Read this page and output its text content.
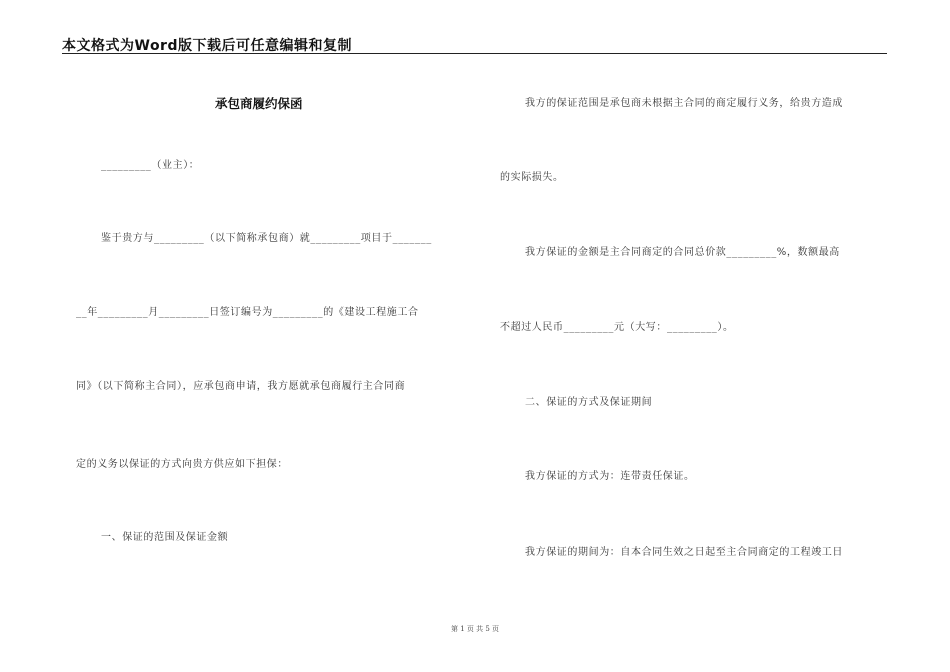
本文格式为Word版下载后可任意编辑和复制
承包商履约保函
_________（业主）：
鉴于贵方与_________（以下简称承包商）就_________项目于_______
__年_________月_________日签订编号为_________的《建设工程施工合
同》（以下简称主合同），应承包商申请，我方愿就承包商履行主合同商
定的义务以保证的方式向贵方供应如下担保：
一、保证的范围及保证金额
我方的保证范围是承包商未根据主合同的商定履行义务，给贵方造成
的实际损失。
我方保证的金额是主合同商定的合同总价款_________%，数额最高
不超过人民币_________元（大写：_________）。
二、保证的方式及保证期间
我方保证的方式为：连带责任保证。
我方保证的期间为：自本合同生效之日起至主合同商定的工程竣工日
第 1 页 共 5 页
